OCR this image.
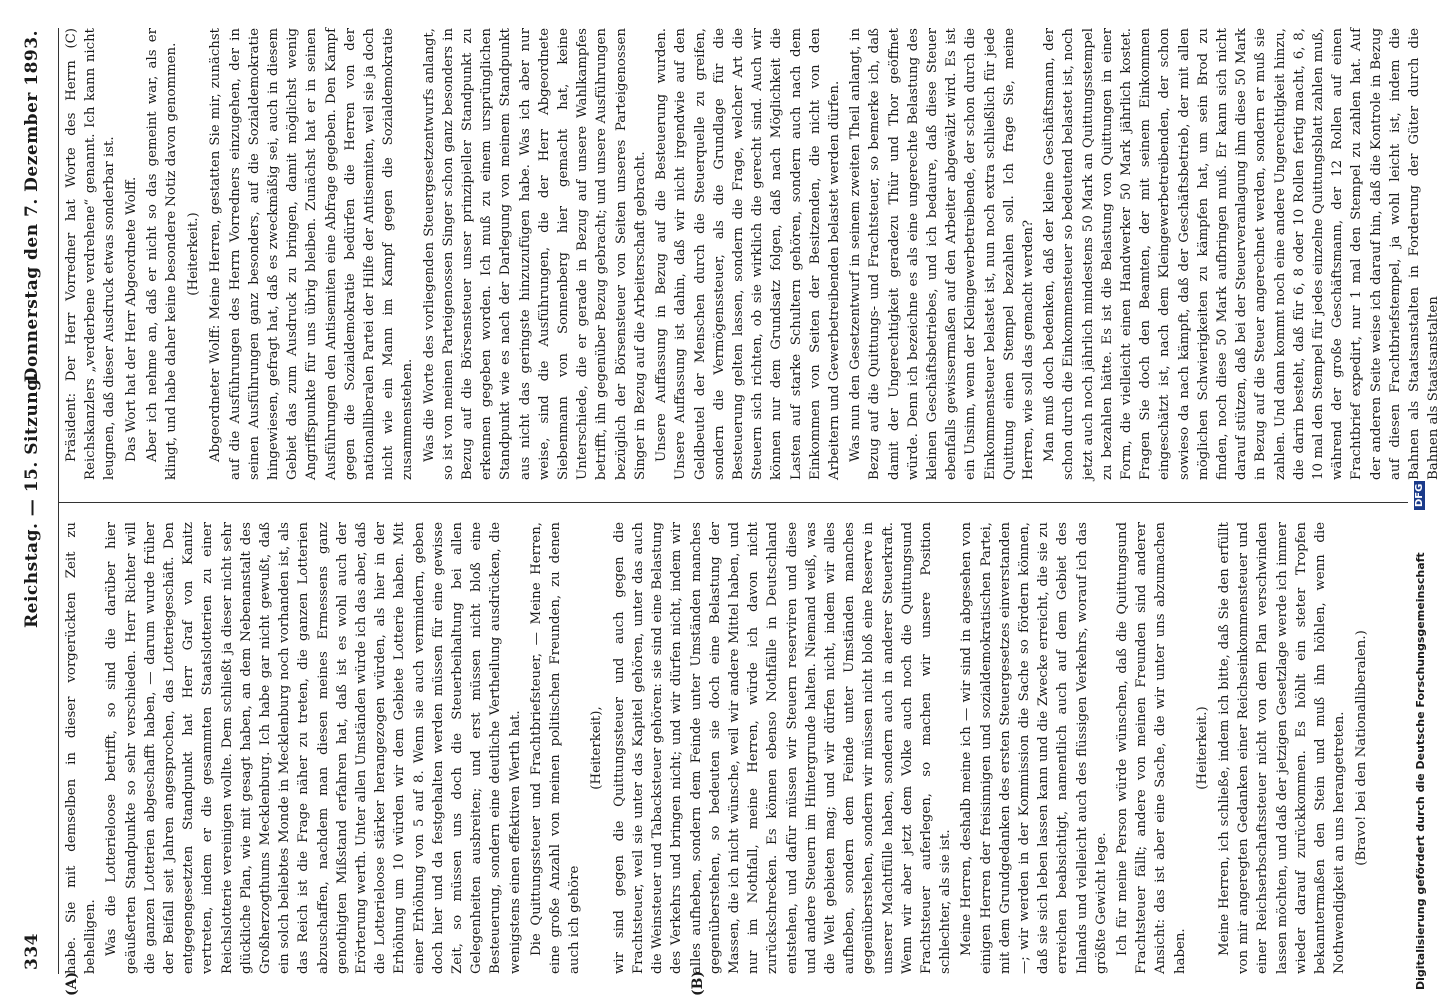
334
Reichstag. — 15. Sitzung.
Donnerstag den 7. Dezember 1893.
(A)	(B)

habe. Sie mit demselben in dieser vorgerückten Zeit zu behelligen. Was die Lotterieloose betrifft, so sind die darüber hier geäußerten Standpunkte so sehr verschieden. Herr Richter will die ganzen Lotterien abgeschafft haben, — darum wurde früher der Beifall seit Jahren angesprochen, das Lotteriegeschäft. Den entgegengesetzten Standpunkt hat Herr Graf von Kanitz vertreten, indem er die gesammten Staatslotterien zu einer Reichslotterie vereinigen wollte. Dem schließt ja dieser nicht sehr glückliche Plan, wie mit gesagt haben, an dem Nebenanstalt des Großherzogthums Mecklenburg. Ich habe gar nicht gewußt, daß ein solch beliebtes Monde in Mecklenburg noch vorhanden ist, als das Reich ist die Frage näher zu treten, die ganzen Lotterien abzuschaffen, nachdem man diesen meines Ermessens ganz genothigten Mißstand erfahren hat, daß ist es wohl auch der Erörterung werth. Unter allen Umständen würde ich das aber, daß die Lotterieloose stärker herangezogen würden, als hier in der Erhöhung um 10 würden wir dem Gebiete Lotterie haben. Mit einer Erhöhung von 5 auf 8. Wenn sie auch vermindern, geben doch hier und da festgehalten werden müssen für eine gewisse Zeit, so müssen uns doch die Steuerbeihaltung bei allen Gelegenheiten ausbreiten; und erst müssen nicht bloß eine Besteuerung, sondern eine deutliche Vertheilung ausdrücken, die wenigstens einen effektiven Werth hat. Die Quittungssteuer und Frachtbriefsteuer, — Meine Herren, eine große Anzahl von meinen politischen Freunden, zu denen auch ich gehöre

(Heiterkeit), wir sind gegen die Quittungssteuer und auch gegen die Frachtsteuer, weil sie unter das Kapitel gehören, unter das auch die Weinsteuer und Tabacksteuer gehören: sie sind eine Belastung des Verkehrs und bringen nicht; und wir dürfen nicht, indem wir alles aufheben, sondern dem Feinde unter Umständen manches gegenüberstehen, so bedeuten sie doch eine Belastung der Massen, die ich nicht wünsche, weil wir andere Mittel haben, und nur im Nothfall, meine Herren, würde ich davon nicht zurückschrecken. Es können ebenso Nothfälle in Deutschland entstehen, und dafür müssen wir Steuern reserviren und diese und andere Steuern im Hintergrunde halten. Niemand weiß, was die Welt gebieten mag; und wir dürfen nicht, indem wir alles aufheben, sondern dem Feinde unter Umständen manches gegenüberstehen, sondern wir müssen nicht bloß eine Reserve in unserer Machtfülle haben, sondern auch in anderer Steuerkraft. Wenn wir aber jetzt dem Volke auch noch die Quittungsund Frachtsteuer auferlegen, so machen wir unsere Position schlechter, als sie ist. Meine Herren, deshalb meine ich — wir sind in abgesehen von einigen Herren der freisinnigen und sozialdemokratischen Partei, mit dem Grundgedanken des ersten Steuergesetzes einverstanden —; wir werden in der Kommission die Sache so fördern können, daß sie sich leben lassen kann und die Zwecke erreicht, die sie zu erreichen beabsichtigt, namentlich auch auf dem Gebiet des Inlands und vielleicht auch des flüssigen Verkehrs, worauf ich das größte Gewicht lege. Ich für meine Person würde wünschen, daß die Quittungsund Frachtsteuer fällt; andere von meinen Freunden sind anderer Ansicht: das ist aber eine Sache, die wir unter uns abzumachen haben.

(Heiterkeit.) Meine Herren, ich schließe, indem ich bitte, daß Sie den erfüllt von mir angeregten Gedanken einer Reichseinkommensteuer und einer Reichserbschaftssteuer nicht von dem Plan verschwinden lassen möchten, und daß der jetzigen Gesetzlage werde ich immer wieder darauf zurückkommen. Es höhlt ein steter Tropfen bekanntermaßen den Stein und muß ihn höhlen, wenn die Nothwendigkeit an uns herangetreten. (Bravo! bei den Nationalliberalen.)

Präsident: Der Herr Vorredner hat Worte des Herrn (C) Reichskanzlers „verderbene verdrehene“ genannt. Ich kann nicht leugnen, daß dieser Ausdruck etwas sonderbar ist. Das Wort hat der Herr Abgeordnete Wolff. Aber ich nehme an, daß er nicht so das gemeint war, als er klingt, und habe daher keine besondere Notiz davon genommen. (Heiterkeit.) Abgeordneter Wolff: Meine Herren, gestatten Sie mir, zunächst auf die Ausführungen des Herrn Vorredners einzugehen, der in seinen Ausführungen ganz besonders, auf die Sozialdemokratie hingewiesen, gefragt hat, daß es zweckmäßig sei, auch in diesem Gebiet das zum Ausdruck zu bringen, damit möglichst wenig Angriffspunkte für uns übrig bleiben. Zunächst hat er in seinen Ausführungen den Antisemiten eine Abfrage gegeben. Den Kampf gegen die Sozialdemokratie bedürfen die Herren von der nationalliberalen Partei der Hilfe der Antisemiten, weil sie ja doch nicht wie ein Mann im Kampf gegen die Sozialdemokratie zusammenstehen. Was die Worte des vorliegenden Steuergesetzentwurfs anlangt, so ist von meinen Parteigenossen Singer schon ganz besonders in Bezug auf die Börsensteuer unser prinzipieller Standpunkt zu erkennen gegeben worden. Ich muß zu einem ursprünglichen Standpunkt wie es nach der Darlegung von meinem Standpunkt aus nicht das geringste hinzuzufügen habe. Was ich aber nur weise, sind die Ausführungen, die der Herr Abgeordnete Siebenmann von Sonnenberg hier gemacht hat, keine Unterschiede, die er gerade in Bezug auf unsere Wahlkampfes betrifft, ihn gegenüber Bezug gebracht; und unsere Ausführungen bezüglich der Börsensteuer von Seiten unseres Parteigenossen Singer in Bezug auf die Arbeiterschaft gebracht. Unsere Auffassung in Bezug auf die Besteuerung wurden. Unsere Auffassung ist dahin, daß wir nicht irgendwie auf den Geldbeutel der Menschen durch die Steuerquelle zu greifen, sondern die Vermögenssteuer, als die Grundlage für die Besteuerung gelten lassen, sondern die Frage, welcher Art die Steuern sich richten, ob sie wirklich die gerecht sind. Auch wir können nur dem Grundsatz folgen, daß nach Möglichkeit die Lasten auf starke Schultern gehören, sondern auch nach dem Einkommen von Seiten der Besitzenden, die nicht von den Arbeitern und Gewerbetreibenden belastet werden dürfen. Was nun den Gesetzentwurf in seinem zweiten Theil anlangt, in Bezug auf die Quittungs- und Frachtsteuer, so bemerke ich, daß damit der Ungerechtigkeit geradezu Thür und Thor geöffnet würde. Denn ich bezeichne es als eine ungerechte Belastung des kleinen Geschäftsbetriebes, und ich bedaure, daß diese Steuer ebenfalls gewissermaßen auf den Arbeiter abgewälzt wird. Es ist ein Unsinn, wenn der Kleingewerbetreibende, der schon durch die Einkommensteuer belastet ist, nun noch extra schließlich für jede Quittung einen Stempel bezahlen soll. Ich frage Sie, meine Herren, wie soll das gemacht werden? Man muß doch bedenken, daß der kleine Geschäftsmann, der schon durch die Einkommensteuer so bedeutend belastet ist, noch jetzt auch noch jährlich mindestens 50 Mark an Quittungsstempel zu bezahlen hätte. Es ist die Belastung von Quittungen in einer Form, die vielleicht einen Handwerker 50 Mark jährlich kostet. Fragen Sie doch den Beamten, der mit seinem Einkommen eingeschätzt ist, nach dem Kleingewerbetreibenden, der schon sowieso da nach kämpft, daß der Geschäftsbetrieb, der mit allen möglichen Schwierigkeiten zu kämpfen hat, um sein Brod zu finden, noch diese 50 Mark aufbringen muß. Er kann sich nicht darauf stützen, daß bei der Steuerveranlagung ihm diese 50 Mark in Bezug auf die Steuer angerechnet werden, sondern er muß sie zahlen. Und dann kommt noch eine andere Ungerechtigkeit hinzu, die darin besteht, daß für 6, 8 oder 10 Rollen fertig macht, 6, 8, 10 mal den Stempel für jedes einzelne Quittungsblatt zahlen muß, während der große Geschäftsmann, der 12 Rollen auf einen Frachtbrief expedirt, nur 1 mal den Stempel zu zahlen hat. Auf der anderen Seite weise ich darauf hin, daß die Kontrole in Bezug auf diesen Frachtbriefstempel, ja wohl leicht ist, indem die Bahnen als Staatsanstalten in Forderung der Güter durch die Bahnen als Staatsanstalten

Digitalisierung gefördert durch die Deutsche Forschungsgemeinschaft
DFG
